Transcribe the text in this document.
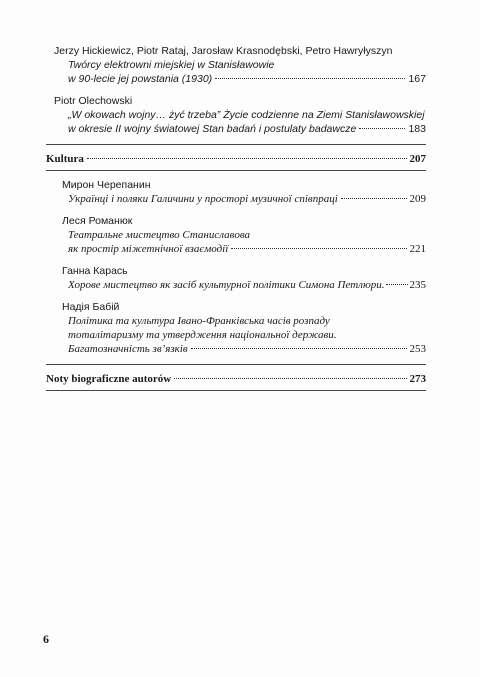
Jerzy Hickiewicz, Piotr Rataj, Jarosław Krasnodębski, Petro Hawryłyszyn
Twórcy elektrowni miejskiej w Stanisławowie
w 90-lecie jej powstania (1930)	167
Piotr Olechowski
„W okowach wojny… żyć trzeba” Życie codzienne na Ziemi Stanisławowskiej
w okresie II wojny światowej Stan badań i postulaty badawcze	183
Kultura	207
Мирон Черепанин
Українці і поляки Галичини у просторі музичної співпраці	209
Леся Романюк
Театральне мистецтво Станиславова
як простір міжетнічної взаємодії	221
Ганна Карась
Хорове мистецтво як засіб культурної політики Симона Петлюри. 235
Надія Бабій
Політика та культура Івано-Франківська часів розпаду
тоталітаризму та утвердження національної держави.
Багатозначність зв’язків	253
Noty biograficzne autorów	273
6
